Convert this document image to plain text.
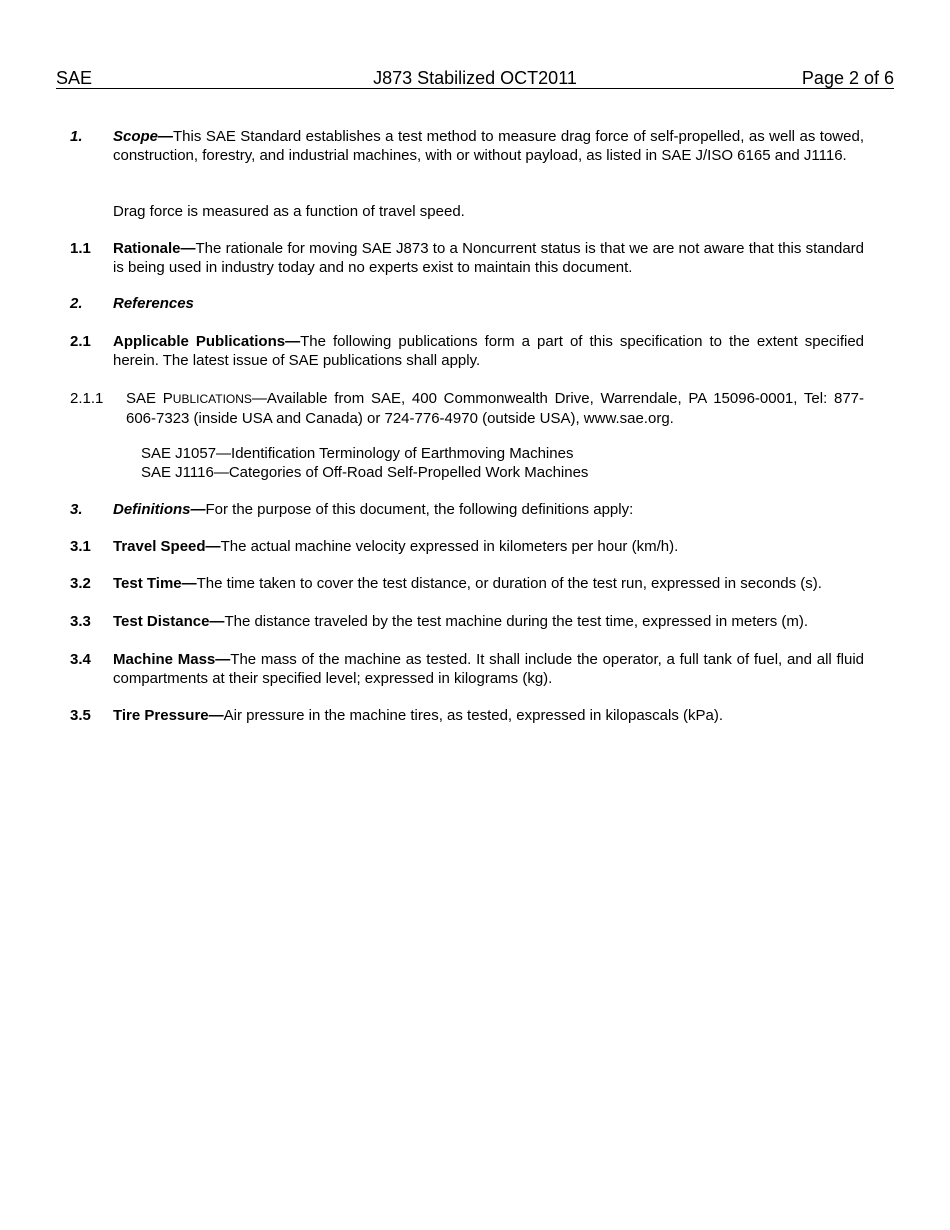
SAE	J873 Stabilized OCT2011	Page 2 of 6
1. Scope—This SAE Standard establishes a test method to measure drag force of self-propelled, as well as towed, construction, forestry, and industrial machines, with or without payload, as listed in SAE J/ISO 6165 and J1116.
Drag force is measured as a function of travel speed.
1.1 Rationale—The rationale for moving SAE J873 to a Noncurrent status is that we are not aware that this standard is being used in industry today and no experts exist to maintain this document.
2. References
2.1 Applicable Publications—The following publications form a part of this specification to the extent specified herein. The latest issue of SAE publications shall apply.
2.1.1 SAE PUBLICATIONS—Available from SAE, 400 Commonwealth Drive, Warrendale, PA 15096-0001, Tel: 877-606-7323 (inside USA and Canada) or 724-776-4970 (outside USA), www.sae.org.
SAE J1057—Identification Terminology of Earthmoving Machines
SAE J1116—Categories of Off-Road Self-Propelled Work Machines
3. Definitions—For the purpose of this document, the following definitions apply:
3.1 Travel Speed—The actual machine velocity expressed in kilometers per hour (km/h).
3.2 Test Time—The time taken to cover the test distance, or duration of the test run, expressed in seconds (s).
3.3 Test Distance—The distance traveled by the test machine during the test time, expressed in meters (m).
3.4 Machine Mass—The mass of the machine as tested. It shall include the operator, a full tank of fuel, and all fluid compartments at their specified level; expressed in kilograms (kg).
3.5 Tire Pressure—Air pressure in the machine tires, as tested, expressed in kilopascals (kPa).
